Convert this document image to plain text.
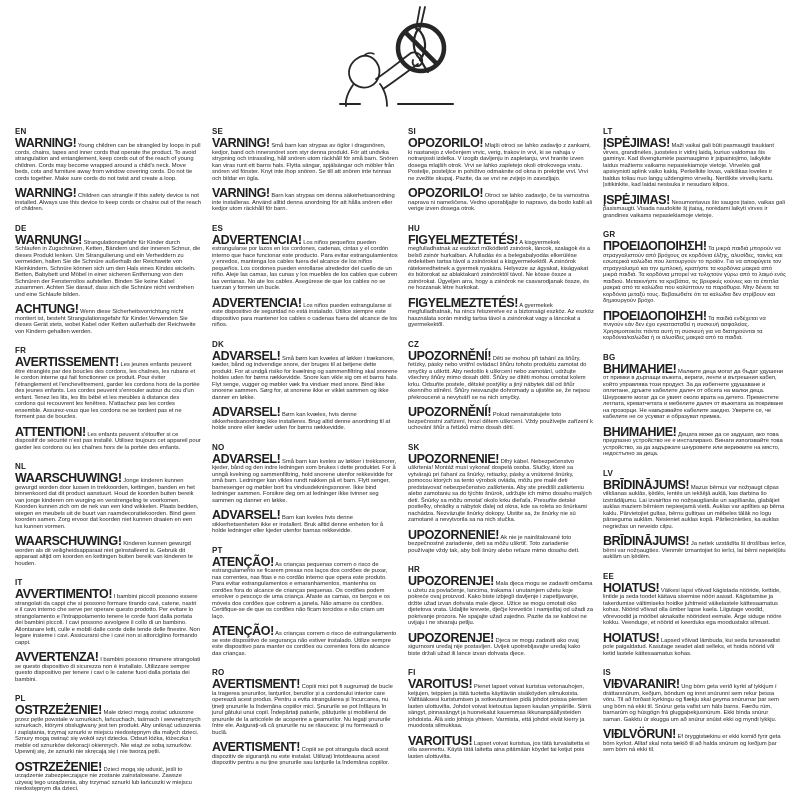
EN

WARNING! Young children can be strangled by loops in pull cords, chains, tapes and inner cords that operate the product. To avoid strangulation and entanglement, keep cords out of the reach of young children. Cords may become wrapped around a child's neck. Move beds, cots and furniture away from window covering cords. Do not tie cords together. Make sure cords do not twist and create a loop.

WARNING! Children can strangle if this safety device is not installed. Always use this device to keep cords or chains out of the reach of children.

DE

WARNUNG! Strangulationsgefahr für Kinder durch Schlaufen in Zugschnüren, Ketten, Bändern und der inneren Schnur, die dieses Produkt lenken. Um Strangulierung und ein Verheddern zu vermeiden, halten Sie die Schnüre außerhalb der Reichweite von Kleinkindern. Schnüre können sich um den Hals eines Kindes wickeln. Betten, Babybett und Möbel in einer sicheren Entfernung von den Schnüren der Fensterrollos aufstellen. Binden Sie keine Kabel zusammen. Achten Sie darauf, dass sich die Schnüre nicht verdrehen und eine Schlaufe bilden.

ACHTUNG! Wenn diese Sicherheitsvorrichtung nicht montiert ist, besteht Strangulationsgefahr für Kinder.Verwenden Sie dieses Gerät stets, wobei Kabel oder Ketten außerhalb der Reichweite von Kindern gehalten werden.

FR

AVERTISSEMENT! Les jeunes enfants peuvent être étranglés par des boucles des cordons, les chaînes, les rubans et le cordon interne qui fait fonctionner ce produit. Pour éviter l'étranglement et l'enchevêtrement, garder les cordons hors de la portée des jeunes enfants. Les cordes peuvent s'enrouler autour du cou d'un enfant. Tenez les lits, les lits bébé et les meubles à distance des cordons qui recouvrent les fenêtres. N'attachez pas les cordes ensemble. Assurez-vous que les cordons ne se tordent pas et ne forment pas de boucles.

ATTENTION! Les enfants peuvent s'étouffer si ce dispositif de sécurité n'est pas installé. Utilisez toujours cet appareil pour garder les cordons ou les chaînes hors de la portée des enfants.

NL

WAARSCHUWING! Jonge kinderen kunnen gewurgd worden door lussen in trekkoorden, kettingen, banden en het binnenkoord dat dit product aanstuurt. Houd de koorden buiten bereik van jonge kinderen om wurging en verstrengeling te voorkomen. Koorden kunnen zich om de nek van een kind wikkelen. Plaats bedden, wiegen en meubels uit de buurt van raamdecoratiekoorden. Bind geen koorden samen. Zorg ervoor dat koorden niet kunnen draaien en een lus kunnen vormen.

WAARSCHUWING! Kinderen kunnen gewurgd worden als dit veiligheidsapparaat niet geïnstalleerd is. Gebruik dit apparaat altijd om koorden en kettingen buiten bereik van kinderen te houden.

IT

AVVERTIMENTO! I bambini piccoli possono essere strangolati da cappi che si possono formare tirando cavi, catene, nastri e il cavo interno che serve per operare questo prodotto. Per evitare lo strangolamento e l'intrappolamento tenere le corde fuori dalla portata dei bambini piccoli. I cavi possono avvolgere il collo di un bambino. Allontanare letti, culle e mobili dalle corde delle tende delle finestre. Non legare insieme i cavi. Assicurarsi che i cavi non si attorciglino formando cappi.

AVVERTENZA! I bambini possono rimanere strangolati se questo dispositivo di sicurezza non è installato. Utilizzare sempre questo dispositivo per tenere i cavi o le catene fuori dalla portata dei bambini.

PL

OSTRZEŻENIE! Małe dzieci mogą zostać uduszone przez pętle powstałe w sznurkach, łańcuchach, taśmach i wewnętrznych sznurkach, którymi obsługiwany jest ten produkt. Aby uniknąć uduszenia i zaplątania, trzymaj sznurki w miejscu niedostępnym dla małych dzieci. Sznury mogą owinąć się wokół szyi dziecka. Odsuń łóżka, łóżeczka i meble od sznurków dekoracji okiennych. Nie wiąż ze sobą sznurków. Upewnij się, że sznurki nie skręcają się i nie tworzą pętli.

OSTRZEŻENIE! Dzieci mogą się udusić, jeśli to urządzenie zabezpieczające nie zostanie zainstalowane. Zawsze używaj tego urządzenia, aby trzymać sznurki lub łańcuszki w miejscu niedostępnym dla dzieci.

SE

VARNING! Små barn kan strypas av öglor i dragsnören, kedjor, band och innersnöret som styr denna produkt. För att undvika strypning och intrassling, håll snören utom räckhåll för små barn. Snören kan viras runt ett barns hals. Flytta sängar, spjälsängar och möbler från snören vid fönster. Knyt inte ihop snören. Se till att snören inte tvinnas och bildar en ögla.

VARNING! Barn kan strypas om denna säkerhetsanordning inte installeras. Använd alltid denna anordning för att hålla snören eller kedjor utom räckhåll för barn.

ES

ADVERTENCIA! Los niños pequeños pueden estrangularse por lazos en los cordones, cadenas, cintas y el cordón interno que hace funcionar este producto. Para evitar estrangulamientos y enredos, mantenga los cables fuera del alcance de los niños pequeños. Los cordones pueden enrollarse alrededor del cuello de un niño. Aleje las camas, las cunas y los muebles de los cables que cubren las ventanas. No ate los cables. Asegúrese de que los cables no se tuerzan y formen un bucle.

ADVERTENCIA! Los niños pueden estrangularse si este dispositivo de seguridad no está instalado. Utilice siempre este dispositivo para mantener los cables o cadenas fuera del alcance de los niños.

DK

ADVARSEL! Små børn kan kvæles af løkker i træksnore, kæder, bånd og indvendige snore, der bruges til at betjene dette produkt. For at undgå risiko for kvælning og sammenfiltring skal snorene holdes uden for børns rækkevidde. Snore kan vikle sig om et barns hals. Flyt senge, vugger og møbler væk fra vinduer med snore. Bind ikke snorene sammen. Sørg for, at snorene ikke er viklet sammen og ikke danner en løkke.

ADVARSEL! Børn kan kvæles, hvis denne sikkerhedsanordning ikke installeres. Brug altid denne anordning til at holde snore eller kæder uden for børns rækkevidde.

NO

ADVARSEL! Små barn kan kveles av løkker i trekksnorer, kjeder, bånd og den indre ledningen som brukes i dette produktet. For å unngå kvelning og sammenfiltring, hold snorene utenfor rekkevidde for små barn. Ledninger kan vikles rundt nakken på et barn. Flytt senger, barnesenger og møbler bort fra vindusdekningssnorer. Ikke bind ledninger sammen. Forsikre deg om at ledninger ikke tvinner seg sammen og danner en løkke.

ADVARSEL! Barn kan kveles hvis denne sikkerhetsenheten ikke er installert. Bruk alltid denne enheten for å holde ledninger eller kjeder utenfor barnas rekkevidde.

PT

ATENÇÃO! As crianças pequenas correm o risco de estrangulamento se ficarem presas nos laços dos cordões de puxar, nas correntes, nas fitas e no cordão interno que opera este produto. Para evitar estrangulamentos e emaranhamentos, mantenha os cordões fora do alcance de crianças pequenas. Os cordões podem envolver o pescoço de uma criança. Afaste as camas, os berços e os móveis dos cordões que cobrem a janela. Não amarre os cordões. Certifique-se de que os cordões não ficam torcidos e não criam um laço.

ATENÇÃO! As crianças correm o risco de estrangulamento se este dispositivo de segurança não estiver instalado. Utilize sempre este dispositivo para manter os cordões ou correntes fora do alcance das crianças.

RO

AVERTISMENT! Copiii mici pot fi sugrumați de bucle la tragerea șnururilor, lanțurilor, benzilor și a cordonului interior care operează acest produs. Pentru a evita strangularea și încurcarea, nu țineți șnururile la îndemâna copiilor mici. Șnururile se pot înfășura în jurul gâtului unui copil. Îndepărtați paturile, pătuțurile și mobilierul de șnururile de la articolele de acoperire a geamurilor. Nu legați șnururile între ele. Asigurați-vă că șnururile nu se răsucesc și nu formează o buclă.

AVERTISMENT! Copiii se pot strangula dacă acest dispozitiv de siguranță nu este instalat. Utilizați întotdeauna acest dispozitiv pentru a nu ține șnururile sau lanțurile la îndemâna copiilor.

SI

OPOZORILO! Mlajši otroci se lahko zadavijo z zankami, ki nastanejo z vlečenjem vrvic, verig, trakov in vrvi, ki se nahaja v notranjosti izdelka. V izogib davljenju in zapletanju, vrvi hranite izven dosega mlajših otrok. Vrvi se lahko zapletejo okoli otrokovega vratu. Postelje, posteljice in pohištvo odmaknite od okna in prekrijte vrvi. Vrvi ne zvežite skupaj. Pazite, da se vrvi ne zvijejo in zavozljajo.

OPOZORILO! Otroci se lahko zadavijo, če ta varnostna naprava ni nameščena. Vedno uporabljajte to napravo, da bodo kabli ali verige izven dosega otrok.

HU

FIGYELMEZTETÉS! A kisgyermekek megfulladhatnak az eszközt működtető zsinórok, láncok, szalagok és a belső zsinór hurkaiban. A fulladás és a belegabalyodás elkerülése érdekében tartsa távol a zsinórokat a kisgyermekektől. A zsinórok rátekeredhetnek a gyermek nyakára. Helyezze az ágyakat, kiságyakat és bútorokat az ablaktakaró zsinóroktól távol. Ne kösse össze a zsinórokat. Ügyeljen arra, hogy a zsinórok ne csavarodjanak össze, és ne hozzanak létre hurkokat.

FIGYELMEZTETÉS! A gyermekek megfulladhatnak, ha nincs felszerelve ez a biztonsági eszköz. Az eszköz használata során mindig tartsa távol a zsinórokat vagy a láncokat a gyermekektől.

CZ

UPOZORNĚNÍ! Děti se mohou při tahání za šňůry, řetízky, pásky nebo vnitřní ovládací šňůru tohoto produktu zamotat do smyčky a uškrtit. Aby nedošlo k uškrcení nebo zamotání, udržujte všechny šňůry mimo dosah dětí. Šňůry se dítěti mohou omotat kolem krku. Odsuňte postele, dětské postýlky a jiný nábytek dál od šňůr okenního stínění. Šňůry nesvazujte dohromady a ujistěte se, že nejsou překroucené a nevytváří se na nich smyčky.

UPOZORNĚNÍ! Pokud nenainstalujete toto bezpečnostní zařízení, hrozí dětem uškrcení. Vždy používejte zařízení k uchování šňůr a řetízků mimo dosah dětí.

SK

UPOZORNENIE! Dlhý kábel. Nebezpečenstvo uškrtenia! Montáž musí vykonať dospelá osoba. Slučky, ktoré sa vytvárajú pri ťahaní za šnúrky, retiazky, pásky a vnútorné šnúrky, pomocou ktorých sa tento výrobok ovláda, môžu pre malé deti predstavovať nebezpečenstvo zaškrtenia. Aby ste predišli zaškrteniu alebo zamotaniu sa do týchto šnúrok, udržujte ich mimo dosahu malých detí. Šnúrky sa môžu omotať okolo krku dieťaťa. Presuňte detské postieľky, ohrádky a nábytok ďalej od okna, kde sa roleta so šnúrkami nachádza. Nezväzujte šnúrky dokopy. Uistite sa, že šnúrky nie sú zamotané a nevytvorila sa na nich slučka.

UPOZORNENIE! Ak nie je nainštalované toto bezpečnostné zariadenie, deti sa môžu uškrtiť. Toto zariadenie používajte vždy tak, aby boli šnúry alebo reťaze mimo dosahu detí.

HR

UPOZORENJE! Mala djeca mogu se zadaviti omčama u užetu za povlačenje, lancima, trakama i unutarnjem užetu koje pokreće ovaj proizvod. Kako biste izbjegli davljenje i zapetljavanje, držite užad izvan dohvata male djece. Užice se mogu omotati oko djetetova vrata. Udaljite krevete, dječje krevetiće i namještaj od užadi za pokrivanje prozora. Ne spajajte užad zajedno. Pazite da se kablovi ne uvijaju i ne stvaraju petlju.

UPOZORENJE! Djeca se mogu zadaviti ako ovaj sigurnosni uređaj nije postavljen. Uvijek upotrebljavajte uređaj kako biste držali užad ili lance izvan dohvata djece.

FI

VAROITUS! Pienet lapset voivat kuristua vetonauhojen, ketjujen, teippien ja tätä tuotetta käyttävän sisäköyden silmukoista. Välttääksesi kuristumisen ja sotkeutumisen pidä johdot poissa pienten lasten ulottuvilta. Johdot voivat kietoutua lapsen kaulan ympärille. Siirrä sängyt, pinnasängyt ja huonekalut kauemmas ikkunanpäällysteiden johdoista. Älä sido johtoja yhteen. Varmista, että johdot eivät kierry ja muodosta silmukkaa.

VAROITUS! Lapset voivat kuristua, jos tätä turvalaitetta ei olla asennettu. Käytä tätä laitetta aina pitämään köydet tai ketjut pois lasten ulottuvilta.

LT

ĮSPĖJIMAS! Maži vaikai gali būti pasmaugti traukiant virves, grandinėles, juosteles ir vidinį laidą, kuriuo valdomas šis gaminys. Kad išvengtumėte pasmaugimo ir įsipainiojimo, laikykite laidus mažiems vaikams nepasiekiamoje vietoje. Virvelės gali apsivynioti aplink vaiko kaklą. Perkelkite lovas, vaikiškas loveles ir baldus toliau nuo langų uždengimo virvelių. Neriškite virvelių kartu. Įsitikinkite, kad laidai nesisuka ir nesudaro kilpos.

ĮSPĖJIMAS! Nesumontavus šio saugos įtaiso, vaikas gali pasismaugti. Visada naudokite šį įtaisą, norėdami laikyti virves ir grandines vaikams nepasiekiamoje vietoje.

GR

ΠΡΟΕΙΔΟΠΟΙΗΣΗ! Τα μικρά παιδιά μπορούν να στραγγαλιστούν από βρόχους σε κορδόνια έλξης, αλυσίδες, ταινίες και εσωτερικά καλώδια που λειτουργούν το προϊόν. Για να αποφύγετε τον στραγγαλισμό και την εμπλοκή, κρατήστε τα κορδόνια μακριά από μικρά παιδιά. Τα κορδόνια μπορεί να τυλιχτούν γύρω από το λαιμό ενός παιδιού. Μετακινήστε τα κρεβάτια, τις βρεφικές κούνιες και τα έπιπλα μακριά από τα καλώδια που καλύπτουν τα παράθυρα. Μην δένετε τα κορδόνια μεταξύ τους. Βεβαιωθείτε ότι τα καλώδια δεν στρίβουν και δημιουργούν βρόχο.

ΠΡΟΕΙΔΟΠΟΙΗΣΗ! Τα παιδιά ενδέχεται να πνιγούν εάν δεν έχει εγκατασταθεί η συσκευή ασφαλείας. Χρησιμοποιείτε πάντα αυτή τη συσκευή για να διατηρούνται τα κορδόνια/καλώδια ή οι αλυσίδες μακριά από τα παιδιά.

BG

ВНИМАНИЕ! Малките деца могат да бъдат удушени от примки в дърпащи въжета, вериги, ленти и вътрешния кабел, който управлява този продукт. За да избегнете удушаване и оплитане, дръжте кабелите далеч от обсега на малки деца. Шнуровете могат да се увият около врата на детето. Преместете леглата, креватчетата и мебелите далеч от въжетата за покриване на прозорци. Не навързвайте кабелите заедно. Уверете се, че кабелите не се усукват и образуват примка.

ВНИМАНИЕ! Децата може да се задушат, ако това предпазно устройство не е инсталирано. Винаги използвайте това устройство, за да задържате шнуровете или верижките на място, недостъпно за деца.

LV

BRĪDINĀJUMS! Mazus bērnus var nožņaugt cilpas vilkšanas auklās, ķēdēs, lentēs un iekšējā auklā, kas darbina šo izstrādājumu. Lai izvairītos no nožņaugšanās un sapīšanās, glabājiet auklas maziem bērniem nepieejamā vietā. Auklas var aptīties ap bērna kaklu. Pārvietojiet gultas, bērnu gultiņas un mēbeles tālāk no logu pārseguma auklām. Nesieniet auklas kopā. Pārliecinieties, ka auklas negriežas un neveido cilpu.

BRĪDINĀJUMS! Ja netiek uzstādīta šī drošības ierīce, bērni var nožņaugties. Vienmēr izmantojiet šo ierīci, lai bērni nepiekļūtu auklām un ķēdēm.

EE

HOIATUS! Väikesi lapsi võivad kägistada nööride, kettide, lintide ja seda toodet käitava sisemise nööri aasad. Kägistamise ja takerdumise vältimiseks hoidke juhtmeid väikelastele kättesaamatus kohas. Nöörid võivad olla ümber lapse kaela. Liigutage voodid, võrevoodid ja mööbel aknakatte nööridest eemale. Ärge siduge nööre kokku. Veenduge, et nöörid ei keerduks ega moodustaks silmust.

HOIATUS! Lapsed võivad lämbuda, kui seda turvaseadist pole paigaldatud. Kasutage seadet alati selleks, et hoida nöörid või ketid lastele kättesaamatus kohas.

IS

VIÐVARANIR! Ung börn geta verið kyrkt af lykkjum í dráttarsnúrum, keðjum, böndum og innri snúrunni sem rekur þessa vöru. Til að forðast kyrkingu og flækju skal geyma snúrurnar þar sem ung börn ná ekki til. Snúrur geta vafist um háls barns. Færðu rúm, barnarúm og húsgögn frá gluggaþekjusnúrum. Ekki binda snúrur saman. Gakktu úr skugga um að snúrur snúist ekki og myndi lykkju.

VIÐLVÖRUN! Ef öryggistækinu er ekki komið fyrir geta börn kyrkst. Alltaf skal nota tækið til að halda snúrum og keðjum þar sem börn ná ekki til.
